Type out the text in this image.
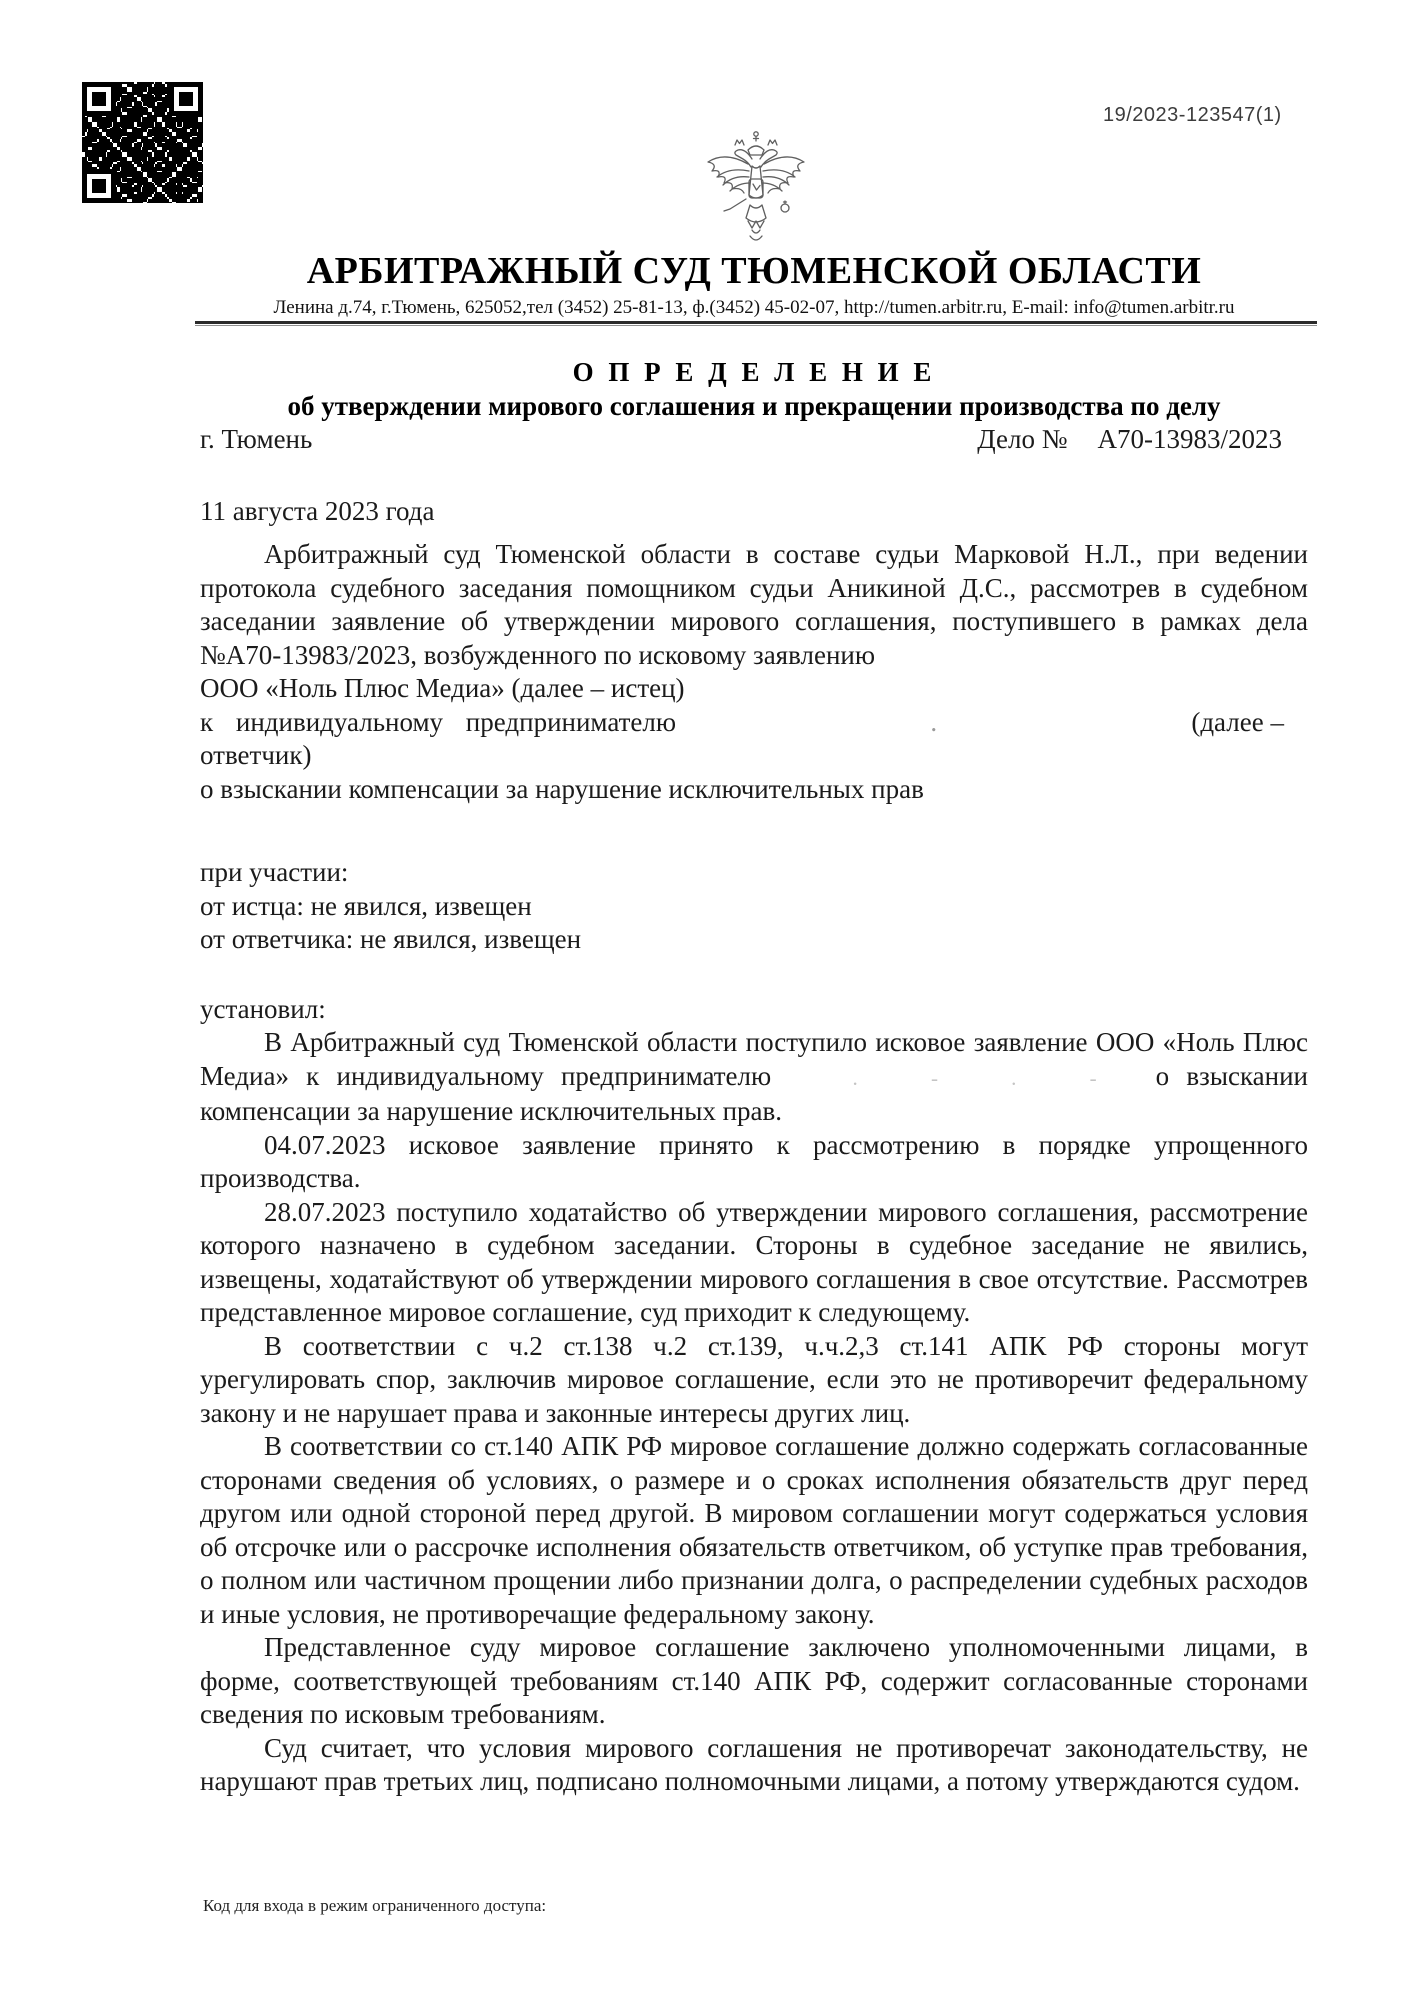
19/2023-123547(1)
АРБИТРАЖНЫЙ СУД ТЮМЕНСКОЙ ОБЛАСТИ
Ленина д.74, г.Тюмень, 625052,тел (3452) 25-81-13, ф.(3452) 45-02-07, http://tumen.arbitr.ru, E-mail: info@tumen.arbitr.ru
О П Р Е Д Е Л Е Н И Е
об утверждении мирового соглашения и прекращении производства по делу
г. Тюмень	Дело № А70-13983/2023
11 августа 2023 года
Арбитражный суд Тюменской области в составе судьи Марковой Н.Л., при ведении протокола судебного заседания помощником судьи Аникиной Д.С., рассмотрев в судебном заседании заявление об утверждении мирового соглашения, поступившего в рамках дела №А70-13983/2023, возбужденного по исковому заявлению
ООО «Ноль Плюс Медиа» (далее – истец)
к индивидуальному предпринимателю	.	(далее –
ответчик)
о взыскании компенсации за нарушение исключительных прав
при участии:
от истца: не явился, извещен
от ответчика: не явился, извещен
установил:
В Арбитражный суд Тюменской области поступило исковое заявление ООО «Ноль Плюс Медиа» к индивидуальному предпринимателю	. - . - о взыскании компенсации за нарушение исключительных прав.
04.07.2023 исковое заявление принято к рассмотрению в порядке упрощенного производства.
28.07.2023 поступило ходатайство об утверждении мирового соглашения, рассмотрение которого назначено в судебном заседании. Стороны в судебное заседание не явились, извещены, ходатайствуют об утверждении мирового соглашения в свое отсутствие. Рассмотрев представленное мировое соглашение, суд приходит к следующему.
В соответствии с ч.2 ст.138 ч.2 ст.139, ч.ч.2,3 ст.141 АПК РФ стороны могут урегулировать спор, заключив мировое соглашение, если это не противоречит федеральному закону и не нарушает права и законные интересы других лиц.
В соответствии со ст.140 АПК РФ мировое соглашение должно содержать согласованные сторонами сведения об условиях, о размере и о сроках исполнения обязательств друг перед другом или одной стороной перед другой. В мировом соглашении могут содержаться условия об отсрочке или о рассрочке исполнения обязательств ответчиком, об уступке прав требования, о полном или частичном прощении либо признании долга, о распределении судебных расходов и иные условия, не противоречащие федеральному закону.
Представленное суду мировое соглашение заключено уполномоченными лицами, в форме, соответствующей требованиям ст.140 АПК РФ, содержит согласованные сторонами сведения по исковым требованиям.
Суд считает, что условия мирового соглашения не противоречат законодательству, не нарушают прав третьих лиц, подписано полномочными лицами, а потому утверждаются судом.
Код для входа в режим ограниченного доступа:
